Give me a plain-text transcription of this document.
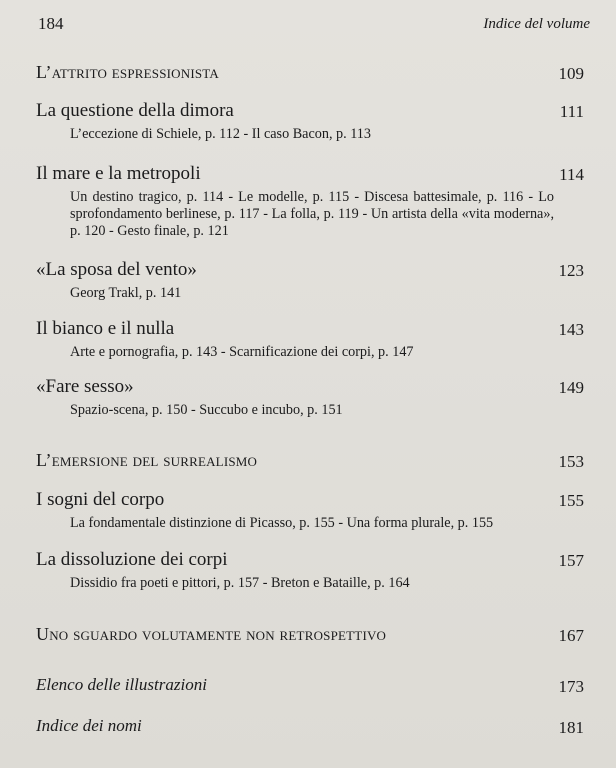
184	Indice del volume
L’attrito espressionista	109
La questione della dimora	111
L’eccezione di Schiele, p. 112 - Il caso Bacon, p. 113
Il mare e la metropoli	114
Un destino tragico, p. 114 - Le modelle, p. 115 - Discesa battesimale, p. 116 - Lo sprofondamento berlinese, p. 117 - La folla, p. 119 - Un artista della «vita moderna», p. 120 - Gesto finale, p. 121
«La sposa del vento»	123
Georg Trakl, p. 141
Il bianco e il nulla	143
Arte e pornografia, p. 143 - Scarnificazione dei corpi, p. 147
«Fare sesso»	149
Spazio-scena, p. 150 - Succubo e incubo, p. 151
L’emersione del surrealismo	153
I sogni del corpo	155
La fondamentale distinzione di Picasso, p. 155 - Una forma plurale, p. 155
La dissoluzione dei corpi	157
Dissidio fra poeti e pittori, p. 157 - Breton e Bataille, p. 164
Uno sguardo volutamente non retrospettivo	167
Elenco delle illustrazioni	173
Indice dei nomi	181
